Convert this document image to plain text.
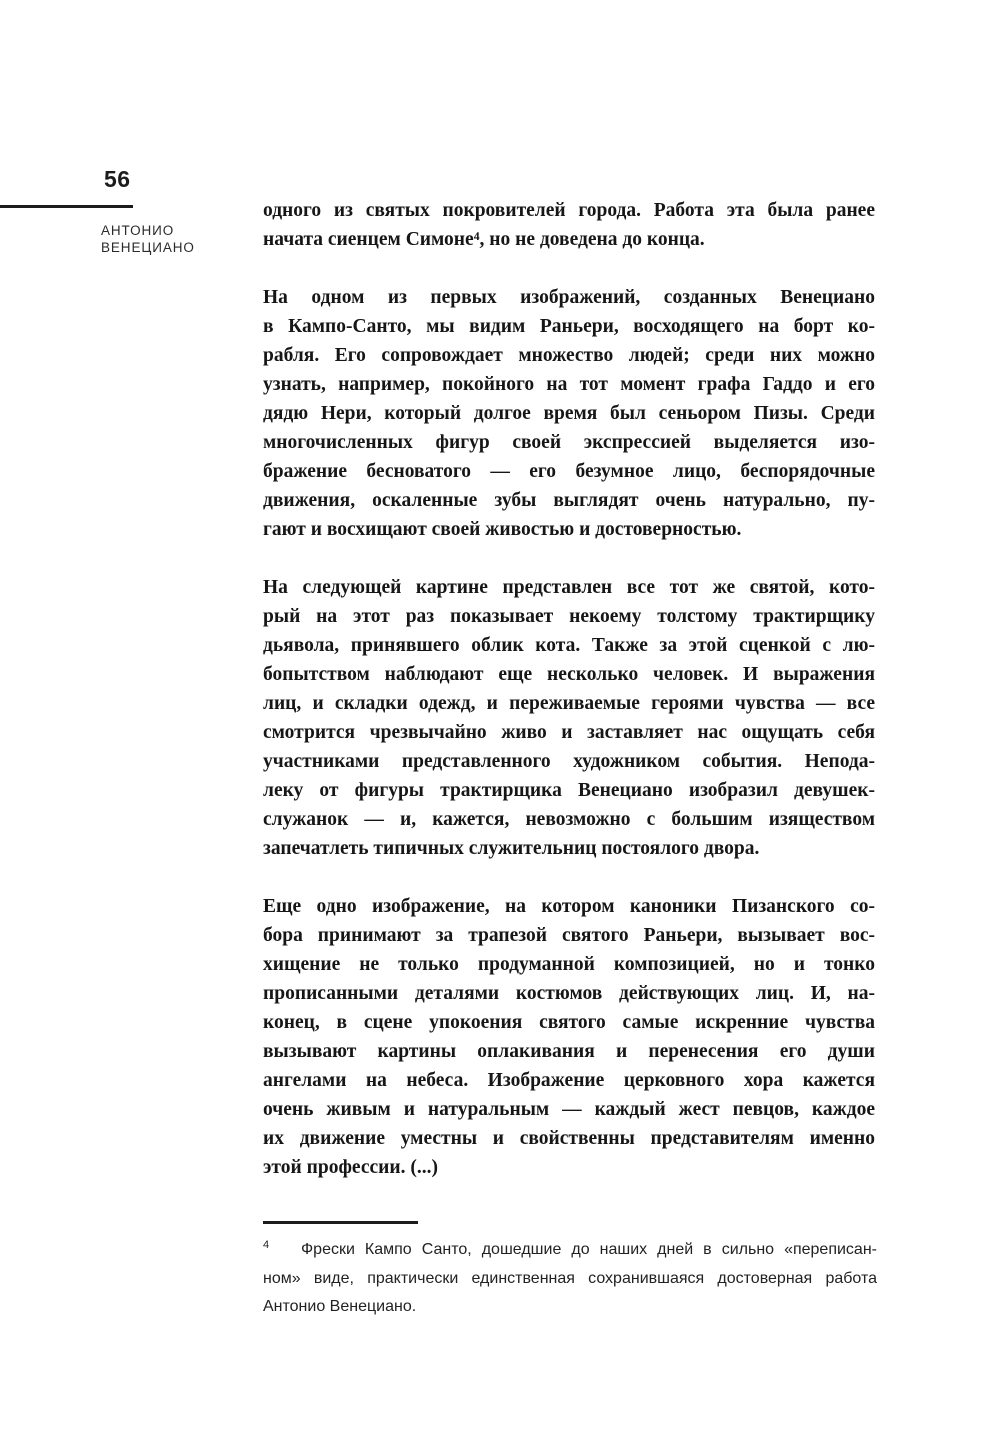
56
АНТОНИО
ВЕНЕЦИАНО

одного из святых покровителей города. Работа эта была ранее
начата сиенцем Симоне⁴, но не доведена до конца.

На одном из первых изображений, созданных Венециано
в Кампо-Санто, мы видим Раньери, восходящего на борт ко-
рабля. Его сопровождает множество людей; среди них можно
узнать, например, покойного на тот момент графа Гаддо и его
дядю Нери, который долгое время был сеньором Пизы. Среди
многочисленных фигур своей экспрессией выделяется изо-
бражение бесноватого — его безумное лицо, беспорядочные
движения, оскаленные зубы выглядят очень натурально, пу-
гают и восхищают своей живостью и достоверностью.

На следующей картине представлен все тот же святой, кото-
рый на этот раз показывает некоему толстому трактирщику
дьявола, принявшего облик кота. Также за этой сценкой с лю-
бопытством наблюдают еще несколько человек. И выражения
лиц, и складки одежд, и переживаемые героями чувства — все
смотрится чрезвычайно живо и заставляет нас ощущать себя
участниками представленного художником события. Непода-
леку от фигуры трактирщика Венециано изобразил девушек-
служанок — и, кажется, невозможно с большим изяществом
запечатлеть типичных служительниц постоялого двора.

Еще одно изображение, на котором каноники Пизанского со-
бора принимают за трапезой святого Раньери, вызывает вос-
хищение не только продуманной композицией, но и тонко
прописанными деталями костюмов действующих лиц. И, на-
конец, в сцене упокоения святого самые искренние чувства
вызывают картины оплакивания и перенесения его души
ангелами на небеса. Изображение церковного хора кажется
очень живым и натуральным — каждый жест певцов, каждое
их движение уместны и свойственны представителям именно
этой профессии. (...)

4 Фрески Кампо Санто, дошедшие до наших дней в сильно «переписан-
ном» виде, практически единственная сохранившаяся достоверная работа
Антонио Венециано.
